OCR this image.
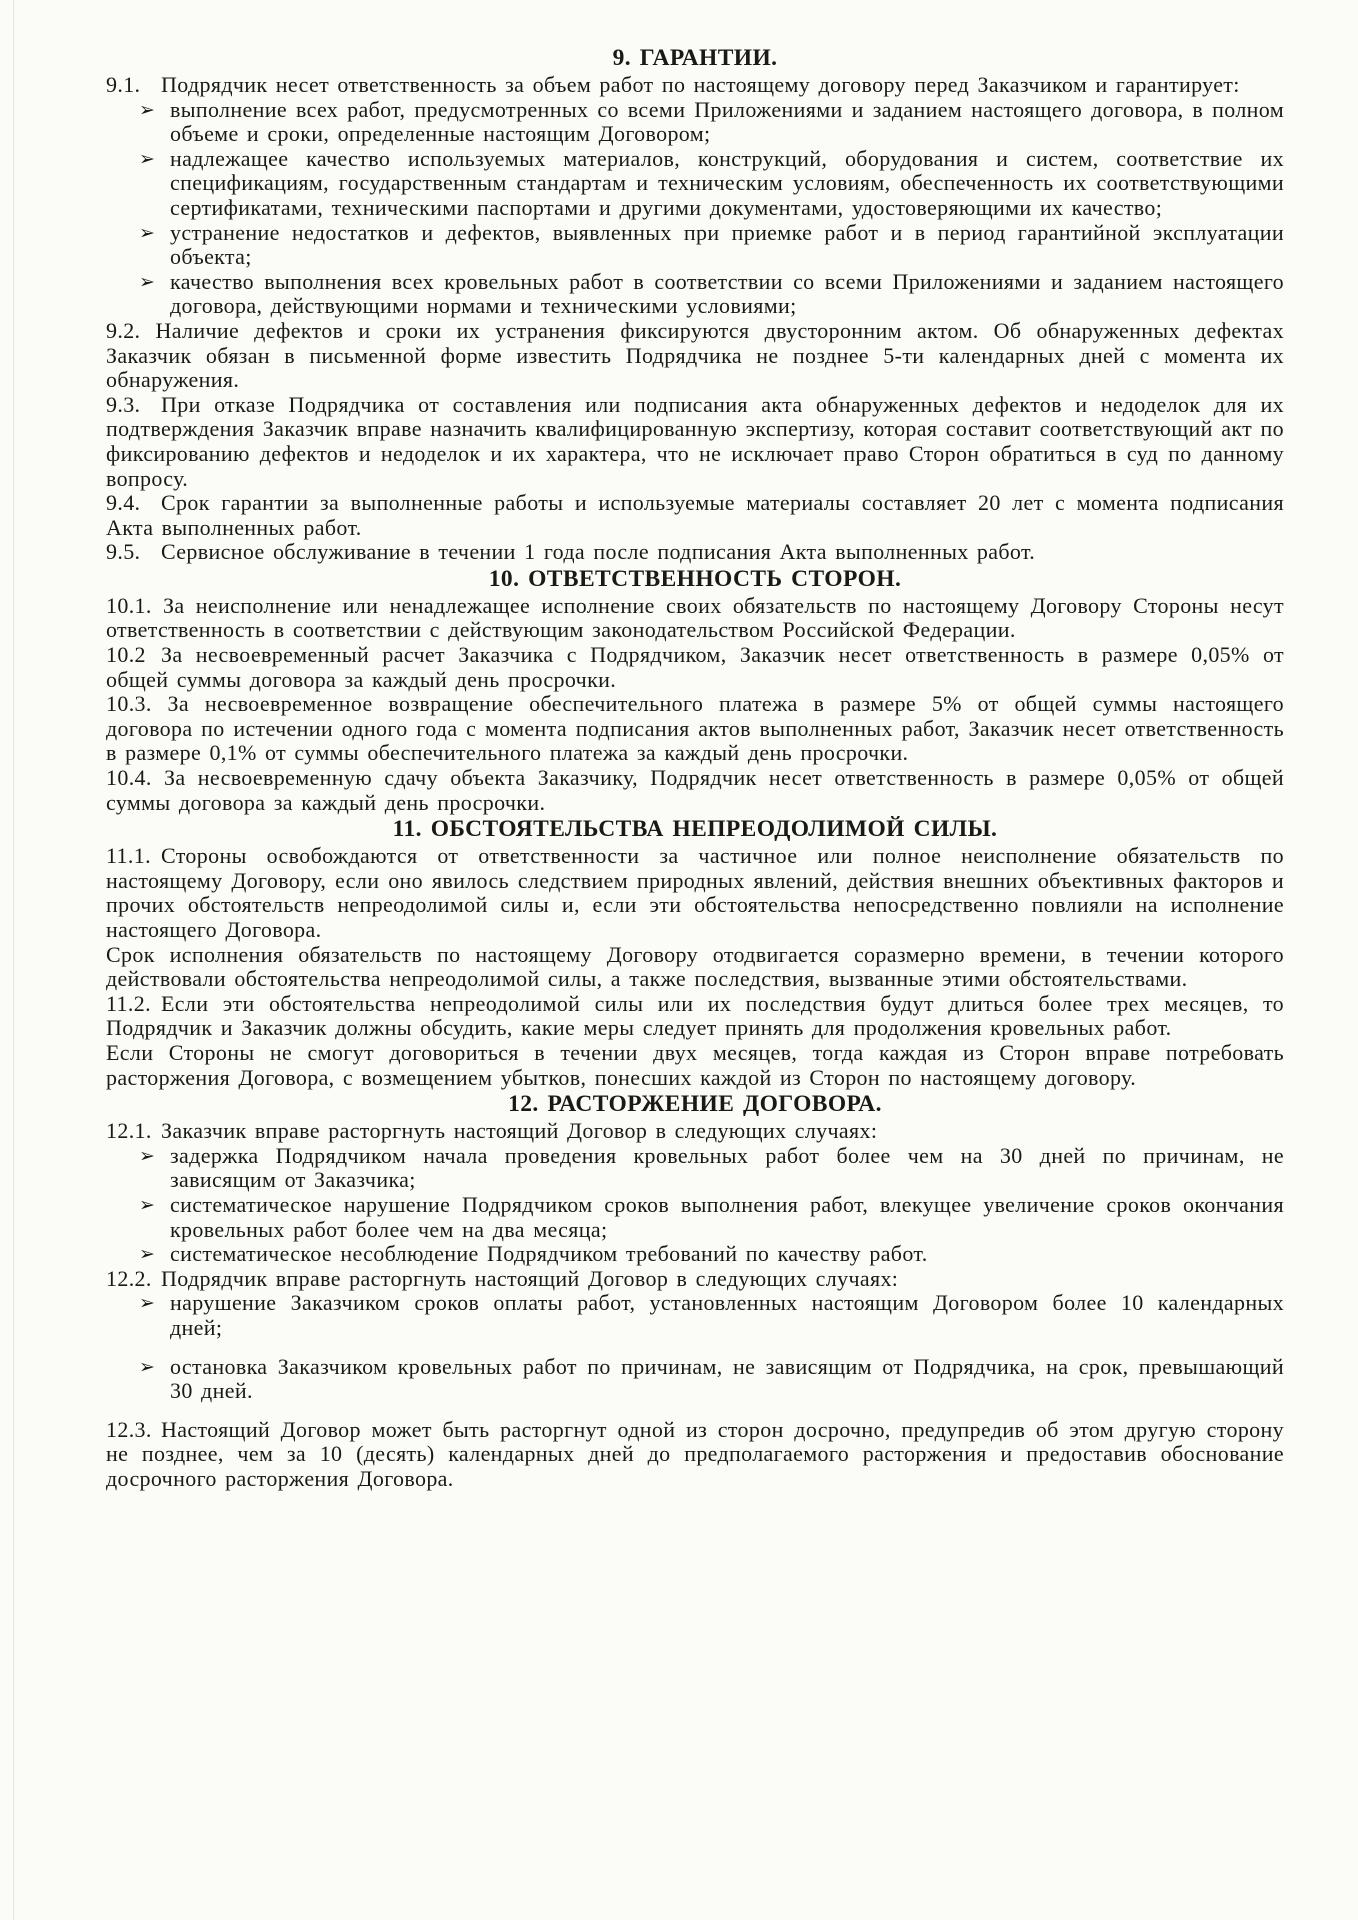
9. ГАРАНТИИ.

9.1. Подрядчик несет ответственность за объем работ по настоящему договору перед Заказчиком и гарантирует:

➢ выполнение всех работ, предусмотренных со всеми Приложениями и заданием настоящего договора, в полном объеме и сроки, определенные настоящим Договором;
➢ надлежащее качество используемых материалов, конструкций, оборудования и систем, соответствие их спецификациям, государственным стандартам и техническим условиям, обеспеченность их соответствующими сертификатами, техническими паспортами и другими документами, удостоверяющими их качество;
➢ устранение недостатков и дефектов, выявленных при приемке работ и в период гарантийной эксплуатации объекта;
➢ качество выполнения всех кровельных работ в соответствии со всеми Приложениями и заданием настоящего договора, действующими нормами и техническими условиями;

9.2. Наличие дефектов и сроки их устранения фиксируются двусторонним актом. Об обнаруженных дефектах Заказчик обязан в письменной форме известить Подрядчика не позднее 5-ти календарных дней с момента их обнаружения.

9.3. При отказе Подрядчика от составления или подписания акта обнаруженных дефектов и недоделок для их подтверждения Заказчик вправе назначить квалифицированную экспертизу, которая составит соответствующий акт по фиксированию дефектов и недоделок и их характера, что не исключает право Сторон обратиться в суд по данному вопросу.

9.4. Срок гарантии за выполненные работы и используемые материалы составляет 20 лет с момента подписания Акта выполненных работ.

9.5. Сервисное обслуживание в течении 1 года после подписания Акта выполненных работ.

10. ОТВЕТСТВЕННОСТЬ СТОРОН.

10.1. За неисполнение или ненадлежащее исполнение своих обязательств по настоящему Договору Стороны несут ответственность в соответствии с действующим законодательством Российской Федерации.

10.2 За несвоевременный расчет Заказчика с Подрядчиком, Заказчик несет ответственность в размере 0,05% от общей суммы договора за каждый день просрочки.

10.3. За несвоевременное возвращение обеспечительного платежа в размере 5% от общей суммы настоящего договора по истечении одного года с момента подписания актов выполненных работ, Заказчик несет ответственность в размере 0,1% от суммы обеспечительного платежа за каждый день просрочки.

10.4. За несвоевременную сдачу объекта Заказчику, Подрядчик несет ответственность в размере 0,05% от общей суммы договора за каждый день просрочки.

11. ОБСТОЯТЕЛЬСТВА НЕПРЕОДОЛИМОЙ СИЛЫ.

11.1. Стороны освобождаются от ответственности за частичное или полное неисполнение обязательств по настоящему Договору, если оно явилось следствием природных явлений, действия внешних объективных факторов и прочих обстоятельств непреодолимой силы и, если эти обстоятельства непосредственно повлияли на исполнение настоящего Договора.

Срок исполнения обязательств по настоящему Договору отодвигается соразмерно времени, в течении которого действовали обстоятельства непреодолимой силы, а также последствия, вызванные этими обстоятельствами.

11.2. Если эти обстоятельства непреодолимой силы или их последствия будут длиться более трех месяцев, то Подрядчик и Заказчик должны обсудить, какие меры следует принять для продолжения кровельных работ.

Если Стороны не смогут договориться в течении двух месяцев, тогда каждая из Сторон вправе потребовать расторжения Договора, с возмещением убытков, понесших каждой из Сторон по настоящему договору.

12. РАСТОРЖЕНИЕ ДОГОВОРА.

12.1. Заказчик вправе расторгнуть настоящий Договор в следующих случаях:

➢ задержка Подрядчиком начала проведения кровельных работ более чем на 30 дней по причинам, не зависящим от Заказчика;
➢ систематическое нарушение Подрядчиком сроков выполнения работ, влекущее увеличение сроков окончания кровельных работ более чем на два месяца;
➢ систематическое несоблюдение Подрядчиком требований по качеству работ.

12.2. Подрядчик вправе расторгнуть настоящий Договор в следующих случаях:

➢ нарушение Заказчиком сроков оплаты работ, установленных настоящим Договором более 10 календарных дней;
➢ остановка Заказчиком кровельных работ по причинам, не зависящим от Подрядчика, на срок, превышающий 30 дней.

12.3. Настоящий Договор может быть расторгнут одной из сторон досрочно, предупредив об этом другую сторону не позднее, чем за 10 (десять) календарных дней до предполагаемого расторжения и предоставив обоснование досрочного расторжения Договора.
